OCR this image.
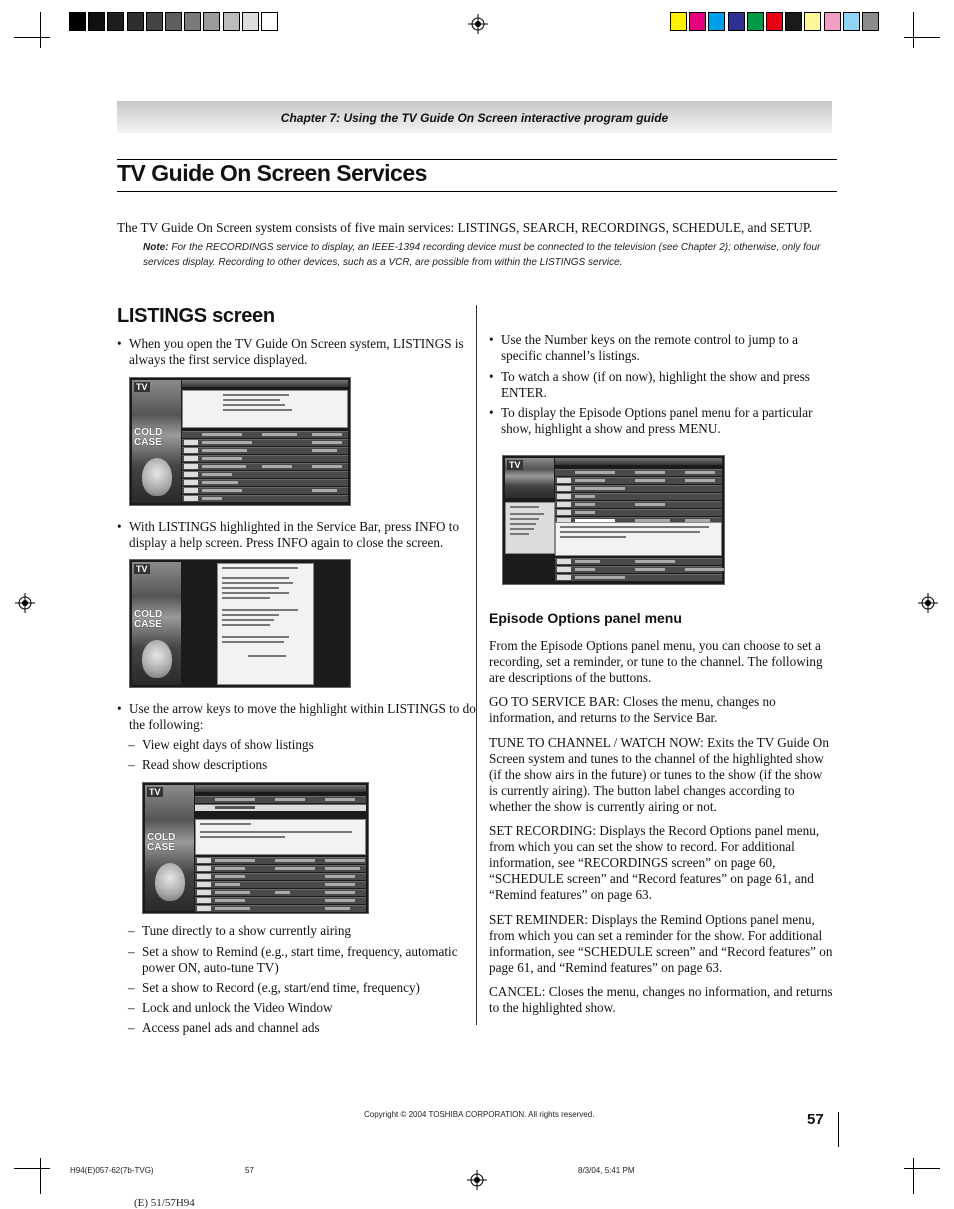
Chapter 7: Using the TV Guide On Screen interactive program guide
TV Guide On Screen Services
The TV Guide On Screen system consists of five main services: LISTINGS, SEARCH, RECORDINGS, SCHEDULE, and SETUP.
Note: For the RECORDINGS service to display, an IEEE-1394 recording device must be connected to the television (see Chapter 2); otherwise, only four services display. Recording to other devices, such as a VCR, are possible from within the LISTINGS service.
LISTINGS screen
• When you open the TV Guide On Screen system, LISTINGS is always the first service displayed.
TV
COLD
CASE
• With LISTINGS highlighted in the Service Bar, press INFO to display a help screen. Press INFO again to close the screen.
TV
COLD
CASE
• Use the arrow keys to move the highlight within LISTINGS to do the following:
– View eight days of show listings
– Read show descriptions
TV
COLD
CASE
– Tune directly to a show currently airing
– Set a show to Remind (e.g., start time, frequency, automatic power ON, auto-tune TV)
– Set a show to Record (e.g, start/end time, frequency)
– Lock and unlock the Video Window
– Access panel ads and channel ads
• Use the Number keys on the remote control to jump to a specific channel’s listings.
• To watch a show (if on now), highlight the show and press ENTER.
• To display the Episode Options panel menu for a particular show, highlight a show and press MENU.
TV
Episode Options panel menu
From the Episode Options panel menu, you can choose to set a recording, set a reminder, or tune to the channel. The following are descriptions of the buttons.
GO TO SERVICE BAR: Closes the menu, changes no information, and returns to the Service Bar.
TUNE TO CHANNEL / WATCH NOW: Exits the TV Guide On Screen system and tunes to the channel of the highlighted show (if the show airs in the future) or tunes to the show (if the show is currently airing). The button label changes according to whether the show is currently airing or not.
SET RECORDING: Displays the Record Options panel menu, from which you can set the show to record. For additional information, see “RECORDINGS screen” on page 60, “SCHEDULE screen” and “Record features” on page 61, and “Remind features” on page 63.
SET REMINDER: Displays the Remind Options panel menu, from which you can set a reminder for the show. For additional information, see “SCHEDULE screen” and “Record features” on page 61, and “Remind features” on page 63.
CANCEL: Closes the menu, changes no information, and returns to the highlighted show.
Copyright © 2004 TOSHIBA CORPORATION. All rights reserved.	57
H94(E)057-62(7b-TVG)	57	8/3/04, 5:41 PM
(E) 51/57H94
